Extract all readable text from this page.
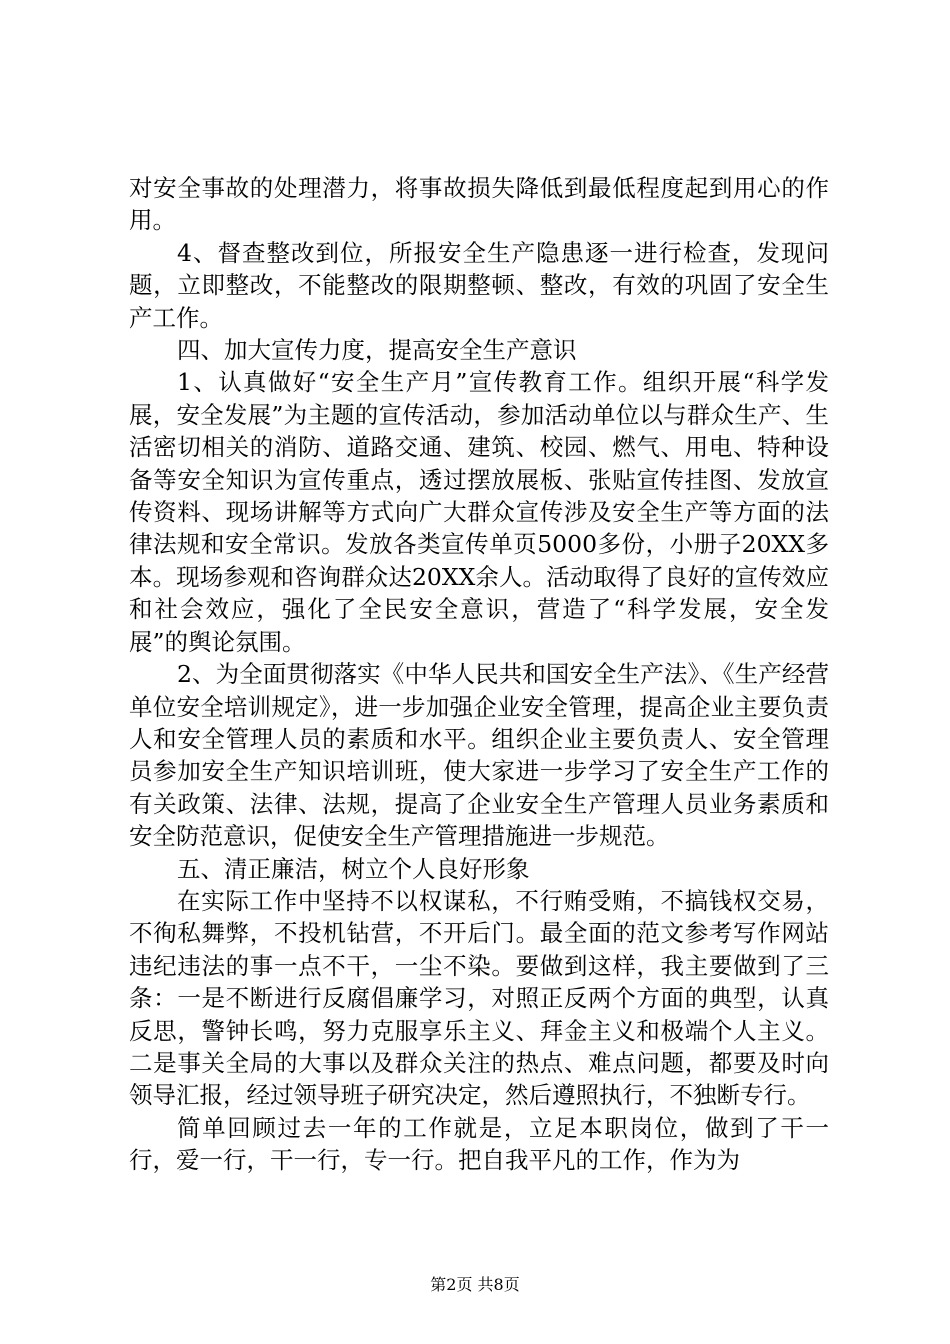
对安全事故的处理潜力，将事故损失降低到最低程度起到用心的作用。

4、督查整改到位，所报安全生产隐患逐一进行检查，发现问题，立即整改，不能整改的限期整顿、整改，有效的巩固了安全生产工作。

四、加大宣传力度，提高安全生产意识

1、认真做好“安全生产月”宣传教育工作。组织开展“科学发展，安全发展”为主题的宣传活动，参加活动单位以与群众生产、生活密切相关的消防、道路交通、建筑、校园、燃气、用电、特种设备等安全知识为宣传重点，透过摆放展板、张贴宣传挂图、发放宣传资料、现场讲解等方式向广大群众宣传涉及安全生产等方面的法律法规和安全常识。发放各类宣传单页5000多份，小册子20XX多本。现场参观和咨询群众达20XX余人。活动取得了良好的宣传效应和社会效应，强化了全民安全意识，营造了“科学发展，安全发展”的舆论氛围。

2、为全面贯彻落实《中华人民共和国安全生产法》、《生产经营单位安全培训规定》，进一步加强企业安全管理，提高企业主要负责人和安全管理人员的素质和水平。组织企业主要负责人、安全管理员参加安全生产知识培训班，使大家进一步学习了安全生产工作的有关政策、法律、法规，提高了企业安全生产管理人员业务素质和安全防范意识，促使安全生产管理措施进一步规范。

五、清正廉洁，树立个人良好形象

在实际工作中坚持不以权谋私，不行贿受贿，不搞钱权交易，不徇私舞弊，不投机钻营，不开后门。最全面的范文参考写作网站违纪违法的事一点不干，一尘不染。要做到这样，我主要做到了三条：一是不断进行反腐倡廉学习，对照正反两个方面的典型，认真反思，警钟长鸣，努力克服享乐主义、拜金主义和极端个人主义。二是事关全局的大事以及群众关注的热点、难点问题，都要及时向领导汇报，经过领导班子研究决定，然后遵照执行，不独断专行。

简单回顾过去一年的工作就是，立足本职岗位，做到了干一行，爱一行，干一行，专一行。把自我平凡的工作，作为为

第2页 共8页
